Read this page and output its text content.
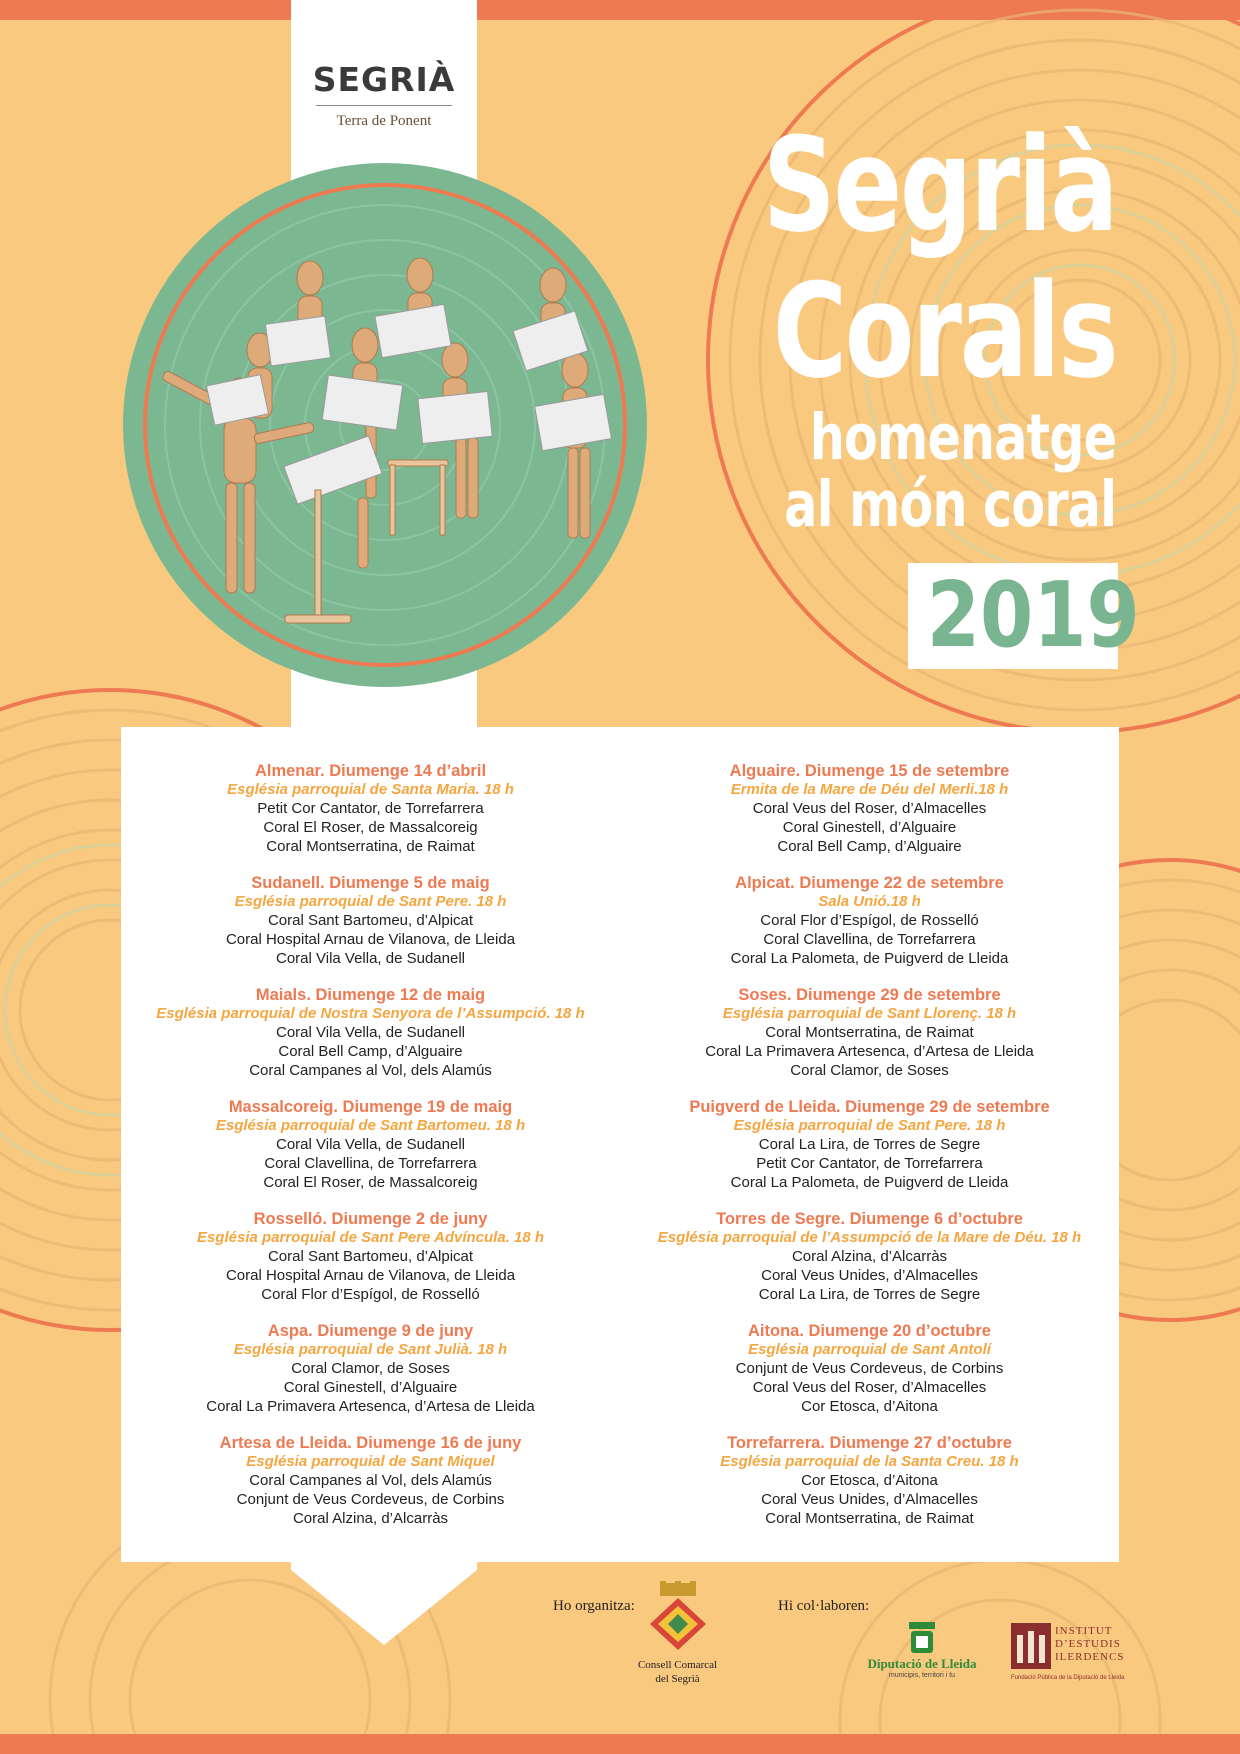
SEGRIÀ
Terra de Ponent	Segrià
Corals
homenatge
al món coral
2019
Almenar. Diumenge 14 d’abril
Església parroquial de Santa Maria. 18 h
Petit Cor Cantator, de Torrefarrera
Coral El Roser, de Massalcoreig
Coral Montserratina, de Raimat
Sudanell. Diumenge 5 de maig
Església parroquial de Sant Pere. 18 h
Coral Sant Bartomeu, d’Alpicat
Coral Hospital Arnau de Vilanova, de Lleida
Coral Vila Vella, de Sudanell
Maials. Diumenge 12 de maig
Església parroquial de Nostra Senyora de l’Assumpció. 18 h
Coral Vila Vella, de Sudanell
Coral Bell Camp, d’Alguaire
Coral Campanes al Vol, dels Alamús
Massalcoreig. Diumenge 19 de maig
Església parroquial de Sant Bartomeu. 18 h
Coral Vila Vella, de Sudanell
Coral Clavellina, de Torrefarrera
Coral El Roser, de Massalcoreig
Rosselló. Diumenge 2 de juny
Església parroquial de Sant Pere Advíncula. 18 h
Coral Sant Bartomeu, d’Alpicat
Coral Hospital Arnau de Vilanova, de Lleida
Coral Flor d’Espígol, de Rosselló
Aspa. Diumenge 9 de juny
Església parroquial de Sant Julià. 18 h
Coral Clamor, de Soses
Coral Ginestell, d’Alguaire
Coral La Primavera Artesenca, d’Artesa de Lleida
Artesa de Lleida. Diumenge 16 de juny
Església parroquial de Sant Miquel
Coral Campanes al Vol, dels Alamús
Conjunt de Veus Cordeveus, de Corbins
Coral Alzina, d’Alcarràs
Alguaire. Diumenge 15 de setembre
Ermita de la Mare de Déu del Merli.18 h
Coral Veus del Roser, d’Almacelles
Coral Ginestell, d’Alguaire
Coral Bell Camp, d’Alguaire
Alpicat. Diumenge 22 de setembre
Sala Unió.18 h
Coral Flor d’Espígol, de Rosselló
Coral Clavellina, de Torrefarrera
Coral La Palometa, de Puigverd de Lleida
Soses. Diumenge 29 de setembre
Església parroquial de Sant Llorenç. 18 h
Coral Montserratina, de Raimat
Coral La Primavera Artesenca, d’Artesa de Lleida
Coral Clamor, de Soses
Puigverd de Lleida. Diumenge 29 de setembre
Església parroquial de Sant Pere. 18 h
Coral La Lira, de Torres de Segre
Petit Cor Cantator, de Torrefarrera
Coral La Palometa, de Puigverd de Lleida
Torres de Segre. Diumenge 6 d’octubre
Església parroquial de l’Assumpció de la Mare de Déu. 18 h
Coral Alzina, d’Alcarràs
Coral Veus Unides, d’Almacelles
Coral La Lira, de Torres de Segre
Aitona. Diumenge 20 d’octubre
Església parroquial de Sant Antolí
Conjunt de Veus Cordeveus, de Corbins
Coral Veus del Roser, d’Almacelles
Cor Etosca, d’Aitona
Torrefarrera. Diumenge 27 d’octubre
Església parroquial de la Santa Creu. 18 h
Cor Etosca, d’Aitona
Coral Veus Unides, d’Almacelles
Coral Montserratina, de Raimat
Ho organitza:	Hi col·laboren:
Consell Comarcal
del Segrià
Diputació de Lleida
municipis, territori i tu
INSTITUT
D’ESTUDIS
ILERDENCS
Fundació Pública de la Diputació de Lleida
